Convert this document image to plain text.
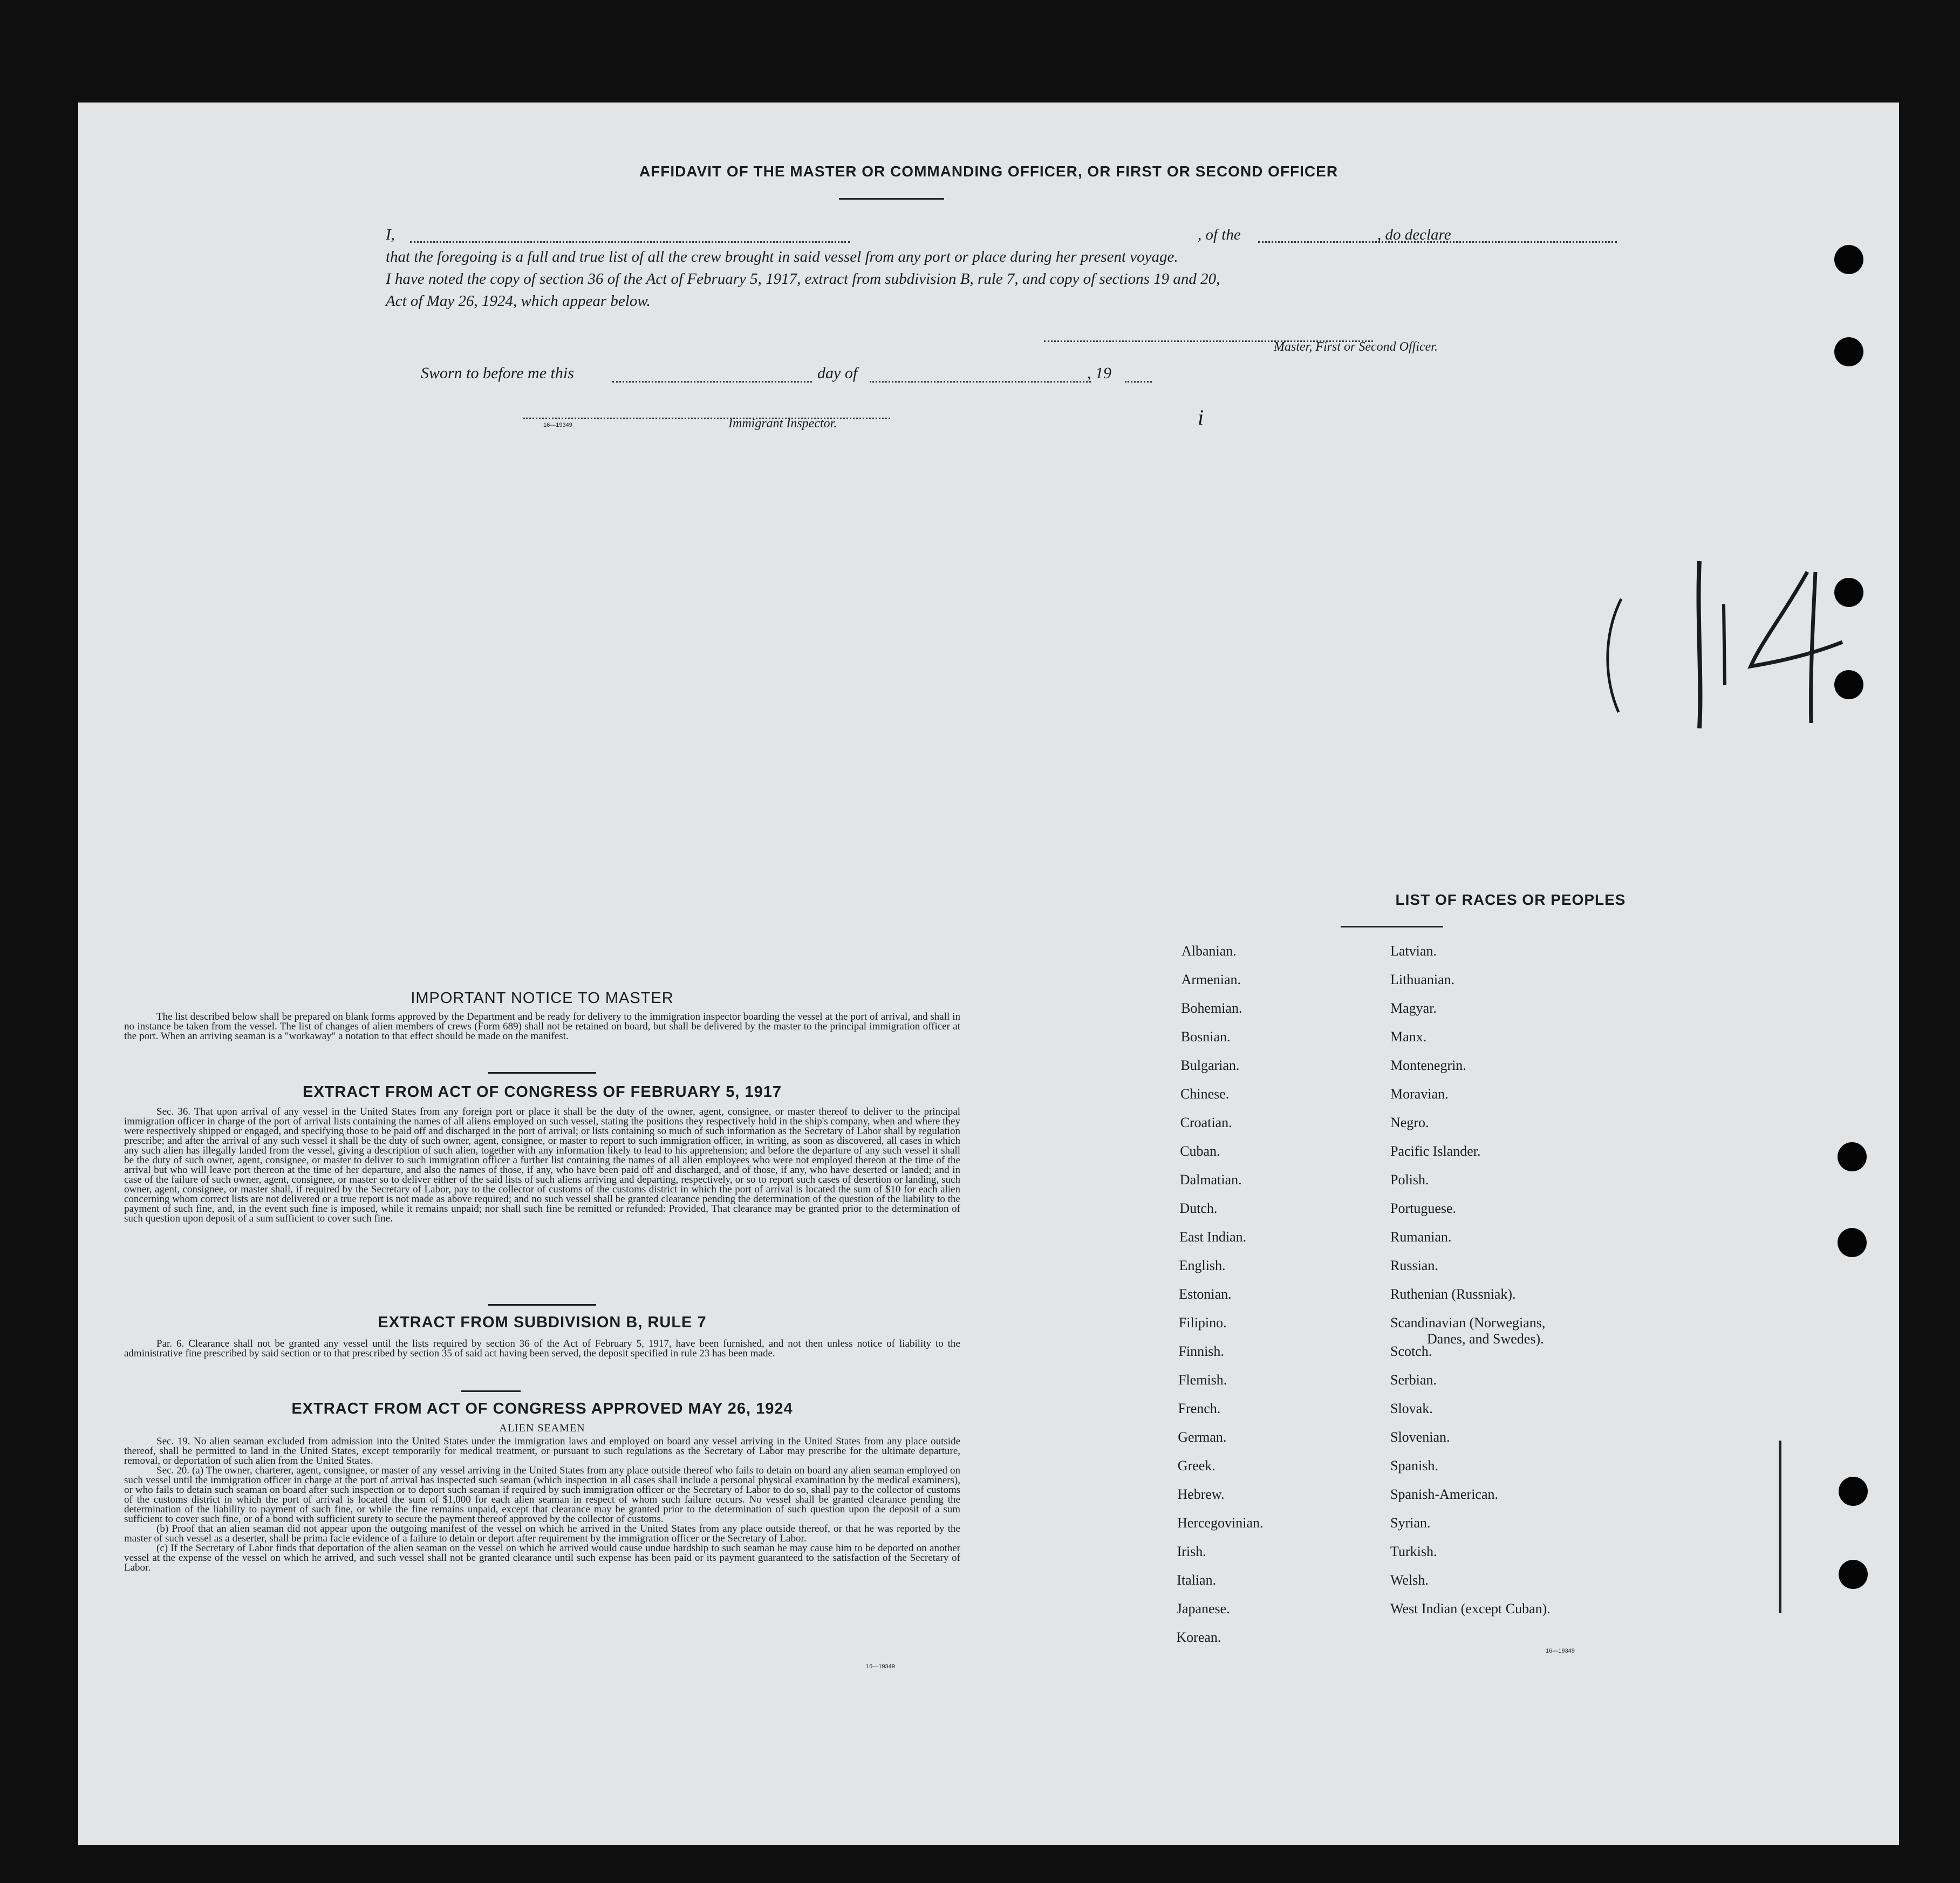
AFFIDAVIT OF THE MASTER OR COMMANDING OFFICER, OR FIRST OR SECOND OFFICER

I,	, of the	, do declare

that the foregoing is a full and true list of all the crew brought in said vessel from any port or place during her present voyage.

I have noted the copy of section 36 of the Act of February 5, 1917, extract from subdivision B, rule 7, and copy of sections 19 and 20,

Act of May 26, 1924, which appear below.

Master, First or Second Officer.
Sworn to before me this	day of	, 19
16—19349	Immigrant Inspector.	i
IMPORTANT NOTICE TO MASTER

The list described below shall be prepared on blank forms approved by the Department and be ready for delivery to the immigration inspector boarding the vessel at the port of arrival, and shall in no instance be taken from the vessel. The list of changes of alien members of crews (Form 689) shall not be retained on board, but shall be delivered by the master to the principal immigration officer at the port. When an arriving seaman is a "workaway" a notation to that effect should be made on the manifest.

EXTRACT FROM ACT OF CONGRESS OF FEBRUARY 5, 1917

Sec. 36. That upon arrival of any vessel in the United States from any foreign port or place it shall be the duty of the owner, agent, consignee, or master thereof to deliver to the principal immigration officer in charge of the port of arrival lists containing the names of all aliens employed on such vessel, stating the positions they respectively hold in the ship's company, when and where they were respectively shipped or engaged, and specifying those to be paid off and discharged in the port of arrival; or lists containing so much of such information as the Secretary of Labor shall by regulation prescribe; and after the arrival of any such vessel it shall be the duty of such owner, agent, consignee, or master to report to such immigration officer, in writing, as soon as discovered, all cases in which any such alien has illegally landed from the vessel, giving a description of such alien, together with any information likely to lead to his apprehension; and before the departure of any such vessel it shall be the duty of such owner, agent, consignee, or master to deliver to such immigration officer a further list containing the names of all alien employees who were not employed thereon at the time of the arrival but who will leave port thereon at the time of her departure, and also the names of those, if any, who have been paid off and discharged, and of those, if any, who have deserted or landed; and in case of the failure of such owner, agent, consignee, or master so to deliver either of the said lists of such aliens arriving and departing, respectively, or so to report such cases of desertion or landing, such owner, agent, consignee, or master shall, if required by the Secretary of Labor, pay to the collector of customs of the customs district in which the port of arrival is located the sum of $10 for each alien concerning whom correct lists are not delivered or a true report is not made as above required; and no such vessel shall be granted clearance pending the determination of the question of the liability to the payment of such fine, and, in the event such fine is imposed, while it remains unpaid; nor shall such fine be remitted or refunded: Provided, That clearance may be granted prior to the determination of such question upon deposit of a sum sufficient to cover such fine.

EXTRACT FROM SUBDIVISION B, RULE 7

Par. 6. Clearance shall not be granted any vessel until the lists required by section 36 of the Act of February 5, 1917, have been furnished, and not then unless notice of liability to the administrative fine prescribed by said section or to that prescribed by section 35 of said act having been served, the deposit specified in rule 23 has been made.

EXTRACT FROM ACT OF CONGRESS APPROVED MAY 26, 1924
ALIEN SEAMEN

Sec. 19. No alien seaman excluded from admission into the United States under the immigration laws and employed on board any vessel arriving in the United States from any place outside thereof, shall be permitted to land in the United States, except temporarily for medical treatment, or pursuant to such regulations as the Secretary of Labor may prescribe for the ultimate departure, removal, or deportation of such alien from the United States.

Sec. 20. (a) The owner, charterer, agent, consignee, or master of any vessel arriving in the United States from any place outside thereof who fails to detain on board any alien seaman employed on such vessel until the immigration officer in charge at the port of arrival has inspected such seaman (which inspection in all cases shall include a personal physical examination by the medical examiners), or who fails to detain such seaman on board after such inspection or to deport such seaman if required by such immigration officer or the Secretary of Labor to do so, shall pay to the collector of customs of the customs district in which the port of arrival is located the sum of $1,000 for each alien seaman in respect of whom such failure occurs. No vessel shall be granted clearance pending the determination of the liability to payment of such fine, or while the fine remains unpaid, except that clearance may be granted prior to the determination of such question upon the deposit of a sum sufficient to cover such fine, or of a bond with sufficient surety to secure the payment thereof approved by the collector of customs.

(b) Proof that an alien seaman did not appear upon the outgoing manifest of the vessel on which he arrived in the United States from any place outside thereof, or that he was reported by the master of such vessel as a deserter, shall be prima facie evidence of a failure to detain or deport after requirement by the immigration officer or the Secretary of Labor.

(c) If the Secretary of Labor finds that deportation of the alien seaman on the vessel on which he arrived would cause undue hardship to such seaman he may cause him to be deported on another vessel at the expense of the vessel on which he arrived, and such vessel shall not be granted clearance until such expense has been paid or its payment guaranteed to the satisfaction of the Secretary of Labor.

16—19349
LIST OF RACES OR PEOPLES
16—19349
Albanian.
Armenian.
Bohemian.
Bosnian.
Bulgarian.
Chinese.
Croatian.
Cuban.
Dalmatian.
Dutch.
East Indian.
English.
Estonian.
Filipino.
Finnish.
Flemish.
French.
German.
Greek.
Hebrew.
Hercegovinian.
Irish.
Italian.
Japanese.
Korean.
Latvian.
Lithuanian.
Magyar.
Manx.
Montenegrin.
Moravian.
Negro.
Pacific Islander.
Polish.
Portuguese.
Rumanian.
Russian.
Ruthenian (Russniak).
Scandinavian (Norwegians,
Danes, and Swedes).
Scotch.
Serbian.
Slovak.
Slovenian.
Spanish.
Spanish-American.
Syrian.
Turkish.
Welsh.
West Indian (except Cuban).
